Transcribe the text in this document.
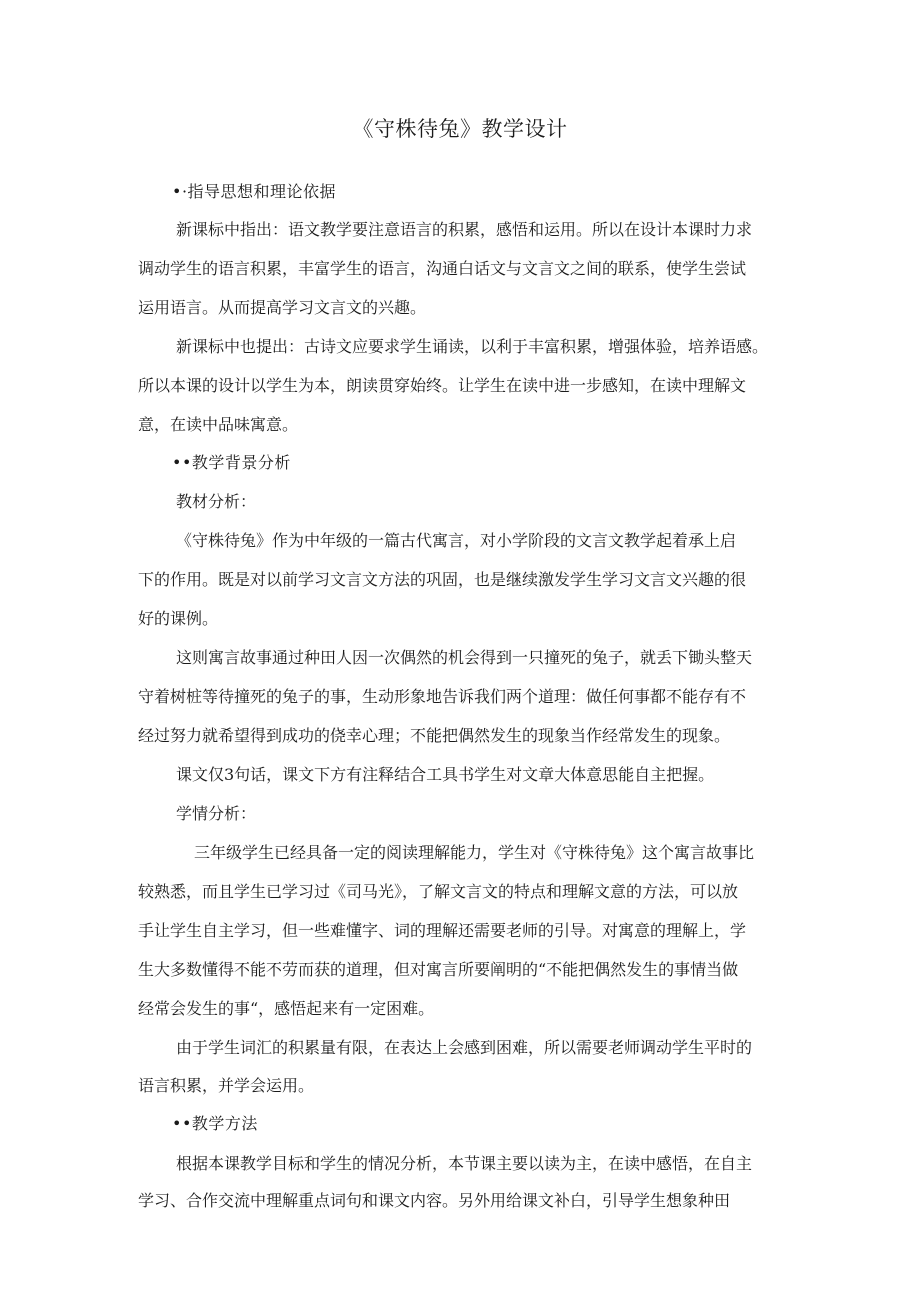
《守株待兔》教学设计
•·指导思想和理论依据
新课标中指出：语文教学要注意语言的积累，感悟和运用。所以在设计本课时力求
调动学生的语言积累，丰富学生的语言，沟通白话文与文言文之间的联系，使学生尝试
运用语言。从而提高学习文言文的兴趣。
新课标中也提出：古诗文应要求学生诵读，以利于丰富积累，增强体验，培养语感。
所以本课的设计以学生为本，朗读贯穿始终。让学生在读中进一步感知，在读中理解文
意，在读中品味寓意。
••教学背景分析
教材分析：
《守株待兔》作为中年级的一篇古代寓言，对小学阶段的文言文教学起着承上启
下的作用。既是对以前学习文言文方法的巩固，也是继续激发学生学习文言文兴趣的很
好的课例。
这则寓言故事通过种田人因一次偶然的机会得到一只撞死的兔子，就丢下锄头整天
守着树桩等待撞死的兔子的事，生动形象地告诉我们两个道理：做任何事都不能存有不
经过努力就希望得到成功的侥幸心理；不能把偶然发生的现象当作经常发生的现象。
课文仅3句话，课文下方有注释结合工具书学生对文章大体意思能自主把握。
学情分析：
三年级学生已经具备一定的阅读理解能力，学生对《守株待兔》这个寓言故事比
较熟悉，而且学生已学习过《司马光》，了解文言文的特点和理解文意的方法，可以放
手让学生自主学习，但一些难懂字、词的理解还需要老师的引导。对寓意的理解上，学
生大多数懂得不能不劳而获的道理，但对寓言所要阐明的“不能把偶然发生的事情当做
经常会发生的事“，感悟起来有一定困难。
由于学生词汇的积累量有限，在表达上会感到困难，所以需要老师调动学生平时的
语言积累，并学会运用。
••教学方法
根据本课教学目标和学生的情况分析，本节课主要以读为主，在读中感悟，在自主
学习、合作交流中理解重点词句和课文内容。另外用给课文补白，引导学生想象种田
